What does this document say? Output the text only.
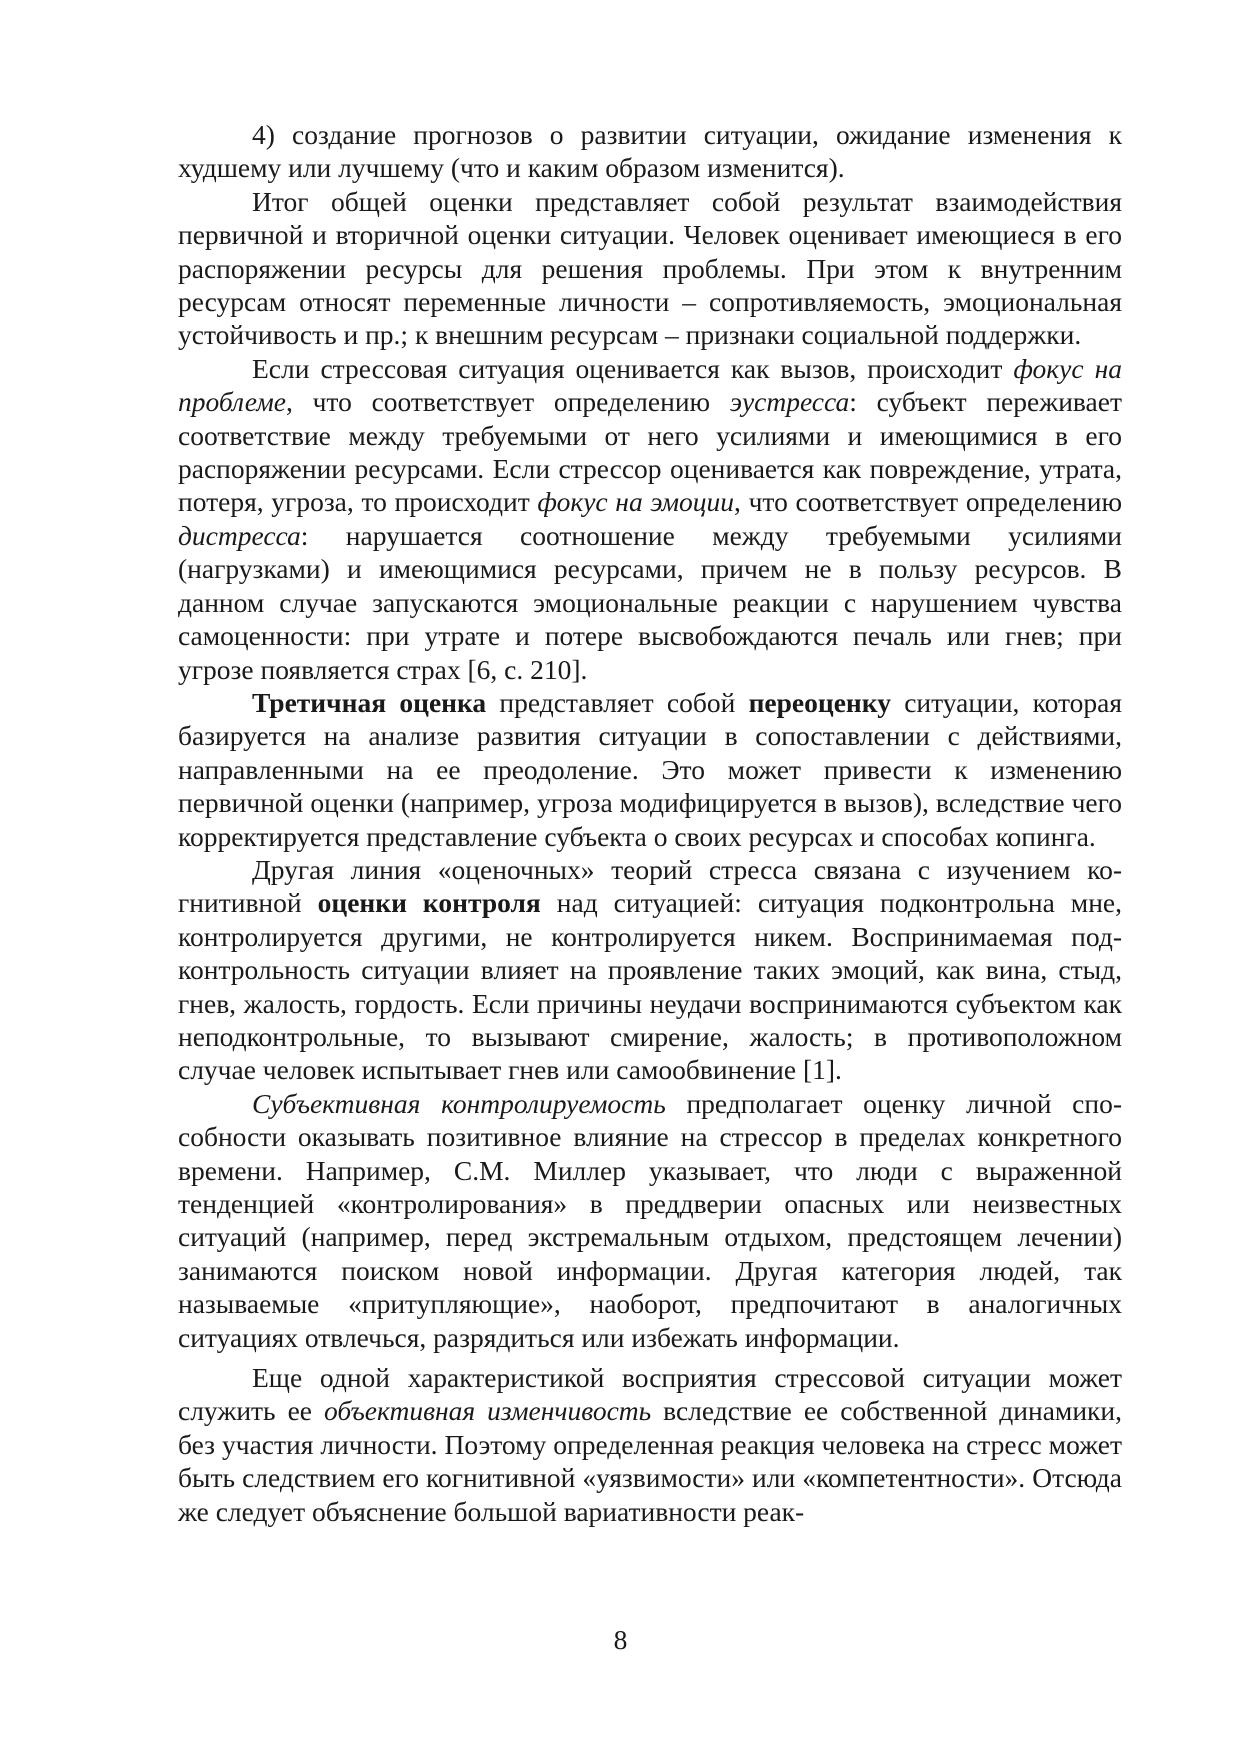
4) создание прогнозов о развитии ситуации, ожидание изменения к худшему или лучшему (что и каким образом изменится).

Итог общей оценки представляет собой результат взаимодействия первичной и вторичной оценки ситуации. Человек оценивает имеющиеся в его распоряжении ресурсы для решения проблемы. При этом к внутренним ресурсам относят переменные личности – сопротивляемость, эмоциональная устойчивость и пр.; к внешним ресурсам – признаки социальной поддержки.

Если стрессовая ситуация оценивается как вызов, происходит фокус на проблеме, что соответствует определению эустресса: субъект переживает соответствие между требуемыми от него усилиями и имеющимися в его распоряжении ресурсами. Если стрессор оценивается как повреждение, утрата, потеря, угроза, то происходит фокус на эмоции, что соответствует определению дистресса: нарушается соотношение между требуемыми усилиями (нагрузками) и имеющимися ресурсами, причем не в пользу ресурсов. В данном случае запускаются эмоциональные реакции с нарушением чувства самоценности: при утрате и потере высвобождаются печаль или гнев; при угрозе появляется страх [6, с. 210].

Третичная оценка представляет собой переоценку ситуации, которая базируется на анализе развития ситуации в сопоставлении с действиями, направленными на ее преодоление. Это может привести к изменению первичной оценки (например, угроза модифицируется в вызов), вследствие чего корректируется представление субъекта о своих ресурсах и способах копинга.

Другая линия «оценочных» теорий стресса связана с изучением когнитивной оценки контроля над ситуацией: ситуация подконтрольна мне, контролируется другими, не контролируется никем. Воспринимаемая подконтрольность ситуации влияет на проявление таких эмоций, как вина, стыд, гнев, жалость, гордость. Если причины неудачи воспринимаются субъектом как неподконтрольные, то вызывают смирение, жалость; в противоположном случае человек испытывает гнев или самообвинение [1].

Субъективная контролируемость предполагает оценку личной способности оказывать позитивное влияние на стрессор в пределах конкретного времени. Например, С.М. Миллер указывает, что люди с выраженной тенденцией «контролирования» в преддверии опасных или неизвестных ситуаций (например, перед экстремальным отдыхом, предстоящем лечении) занимаются поиском новой информации. Другая категория людей, так называемые «притупляющие», наоборот, предпочитают в аналогичных ситуациях отвлечься, разрядиться или избежать информации.

Еще одной характеристикой восприятия стрессовой ситуации может служить ее объективная изменчивость вследствие ее собственной динамики, без участия личности. Поэтому определенная реакция человека на стресс может быть следствием его когнитивной «уязвимости» или «компетентности». Отсюда же следует объяснение большой вариативности реак-

8
